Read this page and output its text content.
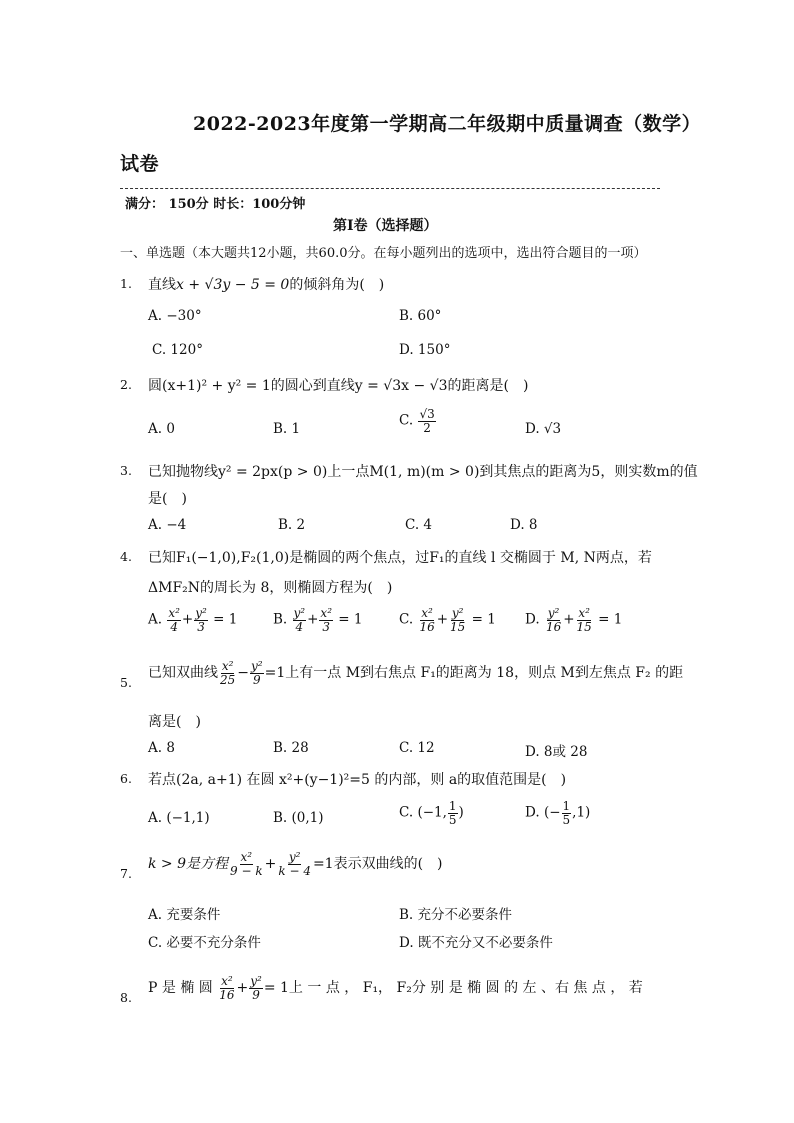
2022-2023年度第一学期高二年级期中质量调查（数学）
试卷
满分： 150分 时长：100分钟
第I卷（选择题）
一、单选题（本大题共12小题，共60.0分。在每小题列出的选项中，选出符合题目的一项）
1. 直线x + √3y − 5 = 0的倾斜角为(　)
A. −30°	B. 60°
C. 120°	D. 150°
2. 圆(x+1)² + y² = 1的圆心到直线y = √3x − √3的距离是(　)
A. 0	B. 1
C. $\frac{√3}{2}$	D. √3
3. 已知抛物线y² = 2px(p > 0)上一点M(1, m)(m > 0)到其焦点的距离为5，则实数m的值
是(　)
A. −4	B. 2	C. 4	D. 8
4. 已知F₁(−1,0),F₂(1,0)是椭圆的两个焦点，过F₁的直线 l 交椭圆于 M, N两点，若
ΔMF₂N的周长为 8，则椭圆方程为(　)
A. $\frac{\text{x²}}{4} + \frac{\text{y²}}{3} = 1$	B. $\frac{\text{y²}}{4} + \frac{\text{x²}}{3} = 1$	C. $\frac{\text{x²}}{16} + \frac{\text{y²}}{15} = 1$ D. $\frac{\text{y²}}{16} + \frac{\text{x²}}{15} = 1$
5.
已知双曲线 $\frac{\text{x²}}{25} - \frac{\text{y²}}{9} =1$上有一点 M到右焦点 F₁的距离为 18，则点 M到左焦点 F₂ 的距
离是(　)
A. 8	B. 28	C. 12	D. 8或 28
6. 若点(2a, a+1) 在圆 x²+(y−1)²=5 的内部，则 a的取值范围是(　)
A. (−1,1)	B. (0,1)	C. (−1, $\frac{1}{5}$ )	D. (− $\frac{1}{5} ,1$)
7.
k > 9是方程 $\frac{\text{x²}}{9 - k} + \frac{\text{y²}}{k - 4} =1$表示双曲线的(　)
A. 充要条件	B. 充分不必要条件
C. 必要不充分条件	D. 既不充分又不必要条件
8.
P 是 椭 圆 $\frac{\text{x²}}{16} + \frac{\text{y²}}{9} = 1$上 一 点 ， F₁， F₂分 别 是 椭 圆 的 左 、右 焦 点 ， 若
